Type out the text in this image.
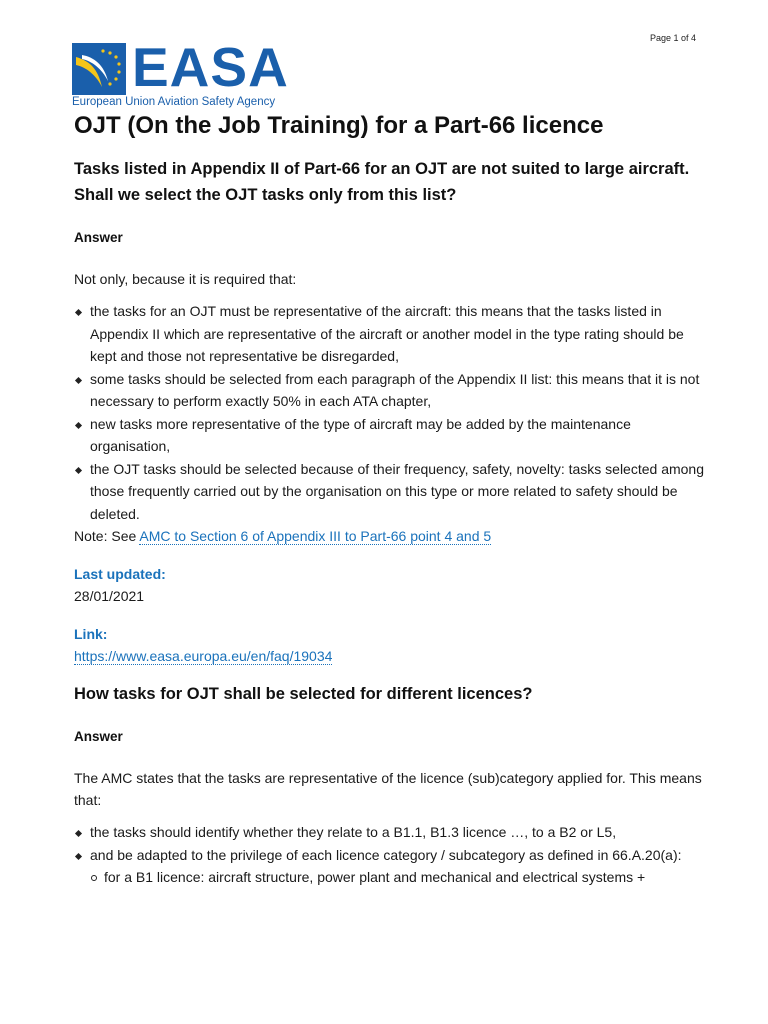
Page 1 of 4
EASA
European Union Aviation Safety Agency
OJT (On the Job Training) for a Part-66 licence
Tasks listed in Appendix II of Part-66 for an OJT are not suited to large aircraft. Shall we select the OJT tasks only from this list?
Answer

Not only, because it is required that:

the tasks for an OJT must be representative of the aircraft: this means that the tasks listed in Appendix II which are representative of the aircraft or another model in the type rating should be kept and those not representative be disregarded,
some tasks should be selected from each paragraph of the Appendix II list: this means that it is not necessary to perform exactly 50% in each ATA chapter,
new tasks more representative of the type of aircraft may be added by the maintenance organisation,
the OJT tasks should be selected because of their frequency, safety, novelty: tasks selected among those frequently carried out by the organisation on this type or more related to safety should be deleted.

Note: See AMC to Section 6 of Appendix III to Part-66 point 4 and 5

Last updated:
28/01/2021
Link:
https://www.easa.europa.eu/en/faq/19034
How tasks for OJT shall be selected for different licences?
Answer

The AMC states that the tasks are representative of the licence (sub)category applied for. This means that:

the tasks should identify whether they relate to a B1.1, B1.3 licence …, to a B2 or L5,
and be adapted to the privilege of each licence category / subcategory as defined in 66.A.20(a):
for a B1 licence: aircraft structure, power plant and mechanical and electrical systems +
